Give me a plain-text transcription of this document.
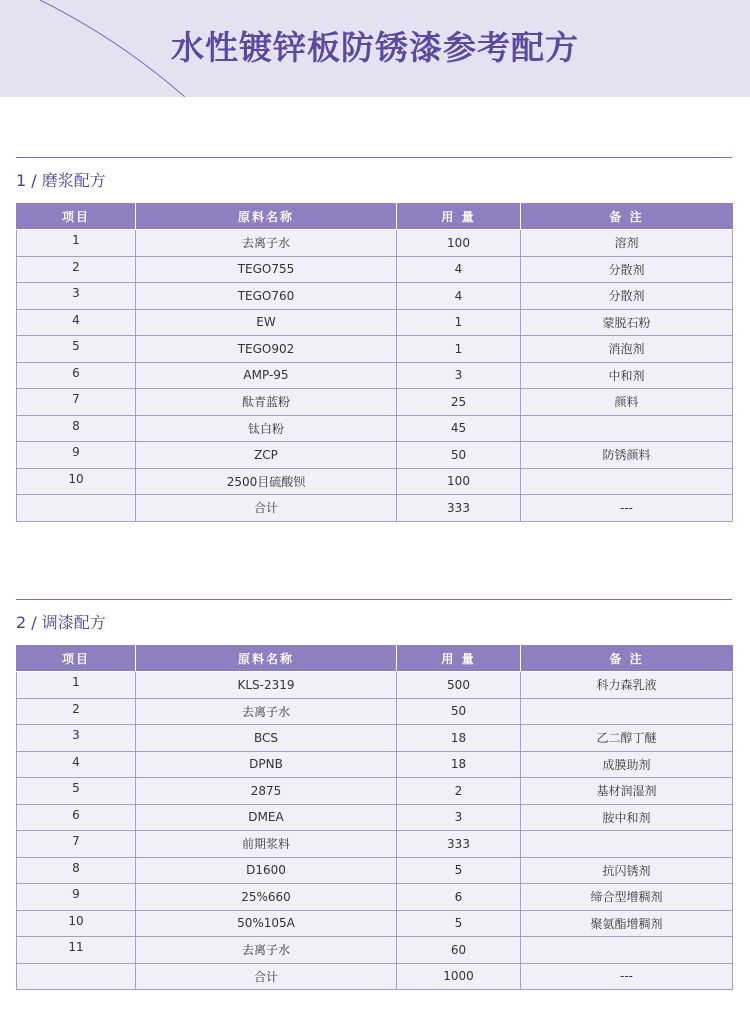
水性镀锌板防锈漆参考配方
1 / 磨浆配方
项目	原料名称	用 量	备 注
1	去离子水	100	溶剂
2	TEGO755	4	分散剂
3	TEGO760	4	分散剂
4	EW	1	蒙脱石粉
5	TEGO902	1	消泡剂
6	AMP-95	3	中和剂
7	酞青蓝粉	25	颜料
8	钛白粉	45	
9	ZCP	50	防锈颜料
10	2500目硫酸钡	100	
	合计	333	---
2 / 调漆配方
项目	原料名称	用 量	备 注
1	KLS-2319	500	科力森乳液
2	去离子水	50	
3	BCS	18	乙二醇丁醚
4	DPNB	18	成膜助剂
5	2875	2	基材润湿剂
6	DMEA	3	胺中和剂
7	前期浆料	333	
8	D1600	5	抗闪锈剂
9	25%660	6	缔合型增稠剂
10	50%105A	5	聚氨酯增稠剂
11	去离子水	60	
	合计	1000	---
